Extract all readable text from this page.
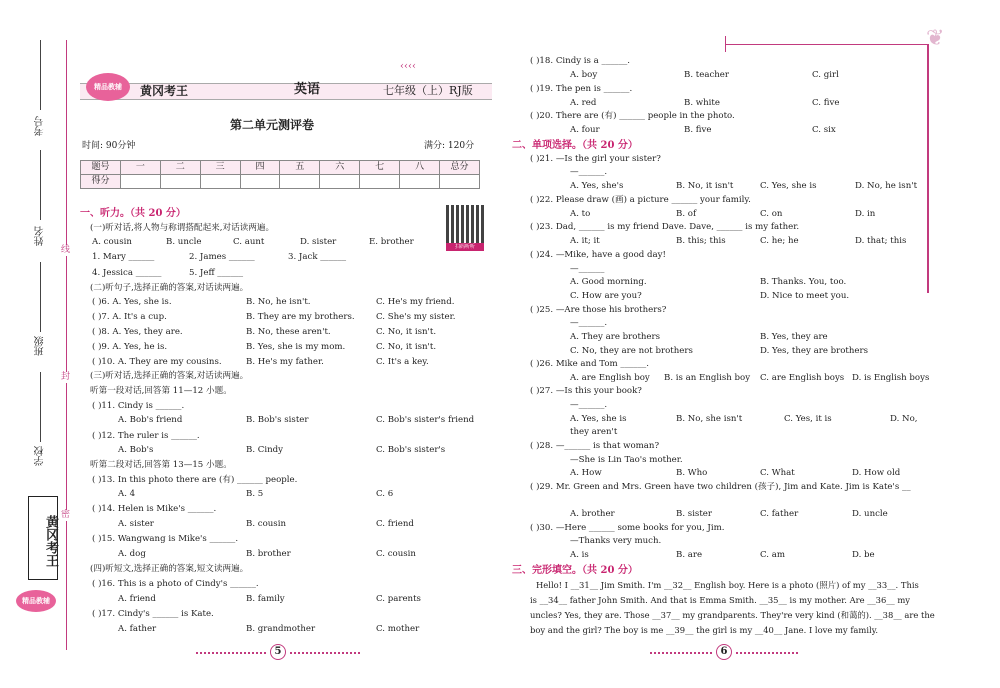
考号
姓名
班级
学校
线
封
密
黄冈考王
精品教辅
精品教辅	黄冈考王	英语	七年级（上）RJ版
‹‹‹‹
第二单元测评卷
时间: 90分钟	满分: 120分
题号	一	二	三	四	五	六	七	八	总分
得分									
扫码听听
一、听力。（共 20 分）
(一)听对话,将人物与称谓搭配起来,对话读两遍。
A. cousin	B. uncle	C. aunt	D. sister	E. brother
1. Mary ______	2. James ______	3. Jack ______
4. Jessica ______	5. Jeff ______
(二)听句子,选择正确的答案,对话读两遍。
( )6. A. Yes, she is.	B. No, he isn't.	C. He's my friend.
( )7. A. It's a cup.	B. They are my brothers. C. She's my sister.
( )8. A. Yes, they are.	B. No, these aren't.	C. No, it isn't.
( )9. A. Yes, he is.	B. Yes, she is my mom.	C. No, it isn't.
( )10. A. They are my cousins.	B. He's my father.	C. It's a key.
(三)听对话,选择正确的答案,对话读两遍。
听第一段对话,回答第 11—12 小题。
( )11. Cindy is ______.
A. Bob's friend	B. Bob's sister	C. Bob's sister's friend
( )12. The ruler is ______.
A. Bob's	B. Cindy	C. Bob's sister's
听第二段对话,回答第 13—15 小题。
( )13. In this photo there are (有) ______ people.
A. 4	B. 5	C. 6
( )14. Helen is Mike's ______.
A. sister	B. cousin	C. friend
( )15. Wangwang is Mike's ______.
A. dog	B. brother	C. cousin
(四)听短文,选择正确的答案,短文读两遍。
( )16. This is a photo of Cindy's ______.
A. friend	B. family	C. parents
( )17. Cindy's ______ is Kate.
A. father	B. grandmother	C. mother
5
❦
( )18. Cindy is a ______.
A. boy	B. teacher	C. girl
( )19. The pen is ______.
A. red	B. white	C. five
( )20. There are (有) ______ people in the photo.
A. four	B. five	C. six
二、单项选择。（共 20 分）
( )21. —Is the girl your sister?
—______.
A. Yes, she's	B. No, it isn't	C. Yes, she is	D. No, he isn't
( )22. Please draw (画) a picture ______ your family.
A. to	B. of	C. on	D. in
( )23. Dad, ______ is my friend Dave. Dave, ______ is my father.
A. it; it	B. this; this	C. he; he	D. that; this
( )24. —Mike, have a good day!
—______
A. Good morning.	B. Thanks. You, too.
C. How are you?	D. Nice to meet you.
( )25. —Are those his brothers?
—______.
A. They are brothers	B. Yes, they are
C. No, they are not brothers	D. Yes, they are brothers
( )26. Mike and Tom ______.
A. are English boy B. is an English boy C. are English boys D. is English boys
( )27. —Is this your book?
—______.
A. Yes, she is	B. No, she isn't	C. Yes, it is	D. No,
they aren't
( )28. —______ is that woman?
—She is Lin Tao's mother.
A. How	B. Who	C. What	D. How old
( )29. Mr. Green and Mrs. Green have two children (孩子), Jim and Kate. Jim is Kate's __
A. brother	B. sister	C. father	D. uncle
( )30. —Here ______ some books for you, Jim.
—Thanks very much.
A. is	B. are	C. am	D. be
三、完形填空。（共 20 分）
Hello! I __31__ Jim Smith. I'm __32__ English boy. Here is a photo (照片) of my __33__. This
is __34__ father John Smith. And that is Emma Smith. __35__ is my mother. Are __36__ my
uncles? Yes, they are. Those __37__ my grandparents. They're very kind (和蔼的). __38__ are the
boy and the girl? The boy is me __39__ the girl is my __40__ Jane. I love my family.
6
